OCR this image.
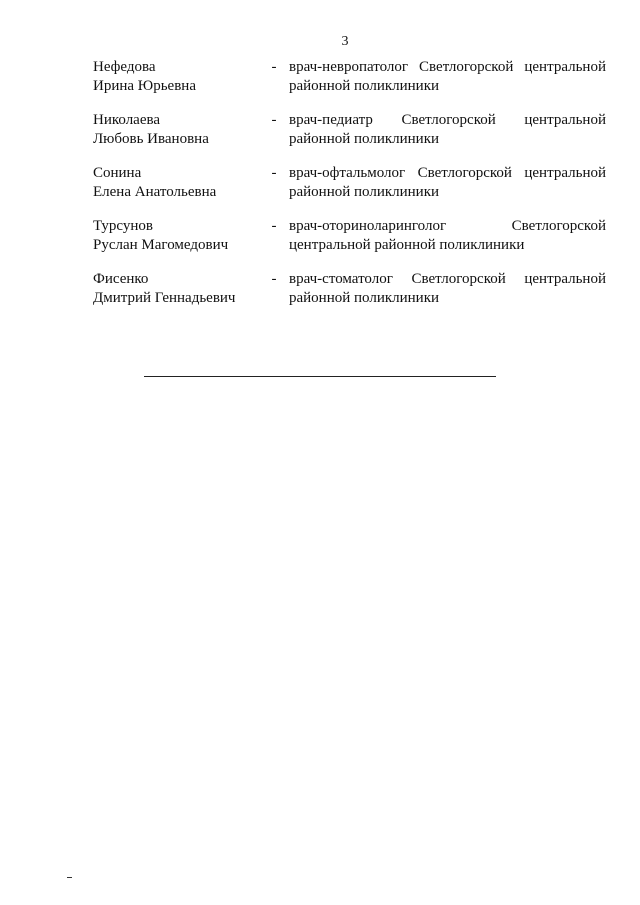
3
Нефедова
Ирина Юрьевна
- врач-невропатолог Светлогорской центральной
районной поликлиники
Николаева
Любовь Ивановна
- врач-педиатр Светлогорской центральной
районной поликлиники
Сонина
Елена Анатольевна
- врач-офтальмолог Светлогорской центральной
районной поликлиники
Турсунов
Руслан Магомедович
- врач-оториноларинголог Светлогорской
центральной районной поликлиники
Фисенко
Дмитрий Геннадьевич
- врач-стоматолог Светлогорской центральной
районной поликлиники
